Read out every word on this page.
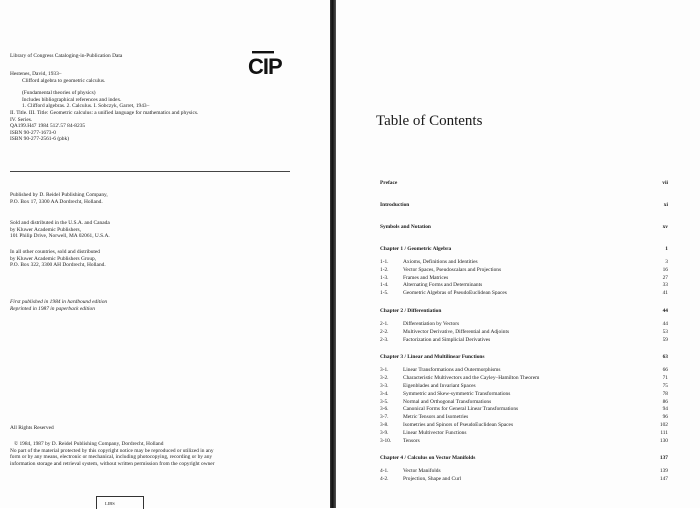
Library of Congress Cataloging-in-Publication Data	CIP
Hestenes, David, 1933–
Clifford algebra to geometric calculus.
(Fundamental theories of physics)
Includes bibliographical references and index.
1. Clifford algebras. 2. Calculus. I. Sobczyk, Garret, 1943–
II. Title. III. Title: Geometric calculus: a unified language for mathematics and physics.
IV. Series.
QA199.H47 1984 512'.57 84-8235
ISBN 90-277-1673-0
ISBN 90-277-2561-6 (pbk)
Published by D. Reidel Publishing Company,
P.O. Box 17, 3300 AA Dordrecht, Holland.
Sold and distributed in the U.S.A. and Canada
by Kluwer Academic Publishers,
101 Philip Drive, Norwell, MA 02061, U.S.A.
In all other countries, sold and distributed
by Kluwer Academic Publishers Group,
P.O. Box 322, 3300 AH Dordrecht, Holland.
First published in 1984 in hardbound edition
Reprinted in 1987 in paperback edition
All Rights Reserved
© 1984, 1987 by D. Reidel Publishing Company, Dordrecht, Holland
No part of the material protected by this copyright notice may be reproduced or utilized in any
form or by any means, electronic or mechanical, including photocopying, recording or by any
information storage and retrieval system, without written permission from the copyright owner
LIBS
Table of Contents
Preface	vii
Introduction	xi
Symbols and Notation	xv
Chapter 1 / Geometric Algebra	1
1-1.	Axioms, Definitions and Identities	3
1-2.	Vector Spaces, Pseudoscalars and Projections	16
1-3.	Frames and Matrices	27
1-4.	Alternating Forms and Determinants	33
1-5.	Geometric Algebras of PseudoEuclidean Spaces	41
Chapter 2 / Differentiation	44
2-1.	Differentiation by Vectors	44
2-2.	Multivector Derivative, Differential and Adjoints	53
2-3.	Factorization and Simplicial Derivatives	59
Chapter 3 / Linear and Multilinear Functions	63
3-1.	Linear Transformations and Outermorphisms	66
3-2.	Characteristic Multivectors and the Cayley–Hamilton Theorem	71
3-3.	Eigenblades and Invariant Spaces	75
3-4.	Symmetric and Skew-symmetric Transformations	78
3-5.	Normal and Orthogonal Transformations	86
3-6.	Canonical Forms for General Linear Transformations	94
3-7.	Metric Tensors and Isometries	96
3-8.	Isometries and Spinors of PseudoEuclidean Spaces	102
3-9.	Linear Multivector Functions	111
3-10. Tensors	130
Chapter 4 / Calculus on Vector Manifolds	137
4-1.	Vector Manifolds	139
4-2.	Projection, Shape and Curl	147
